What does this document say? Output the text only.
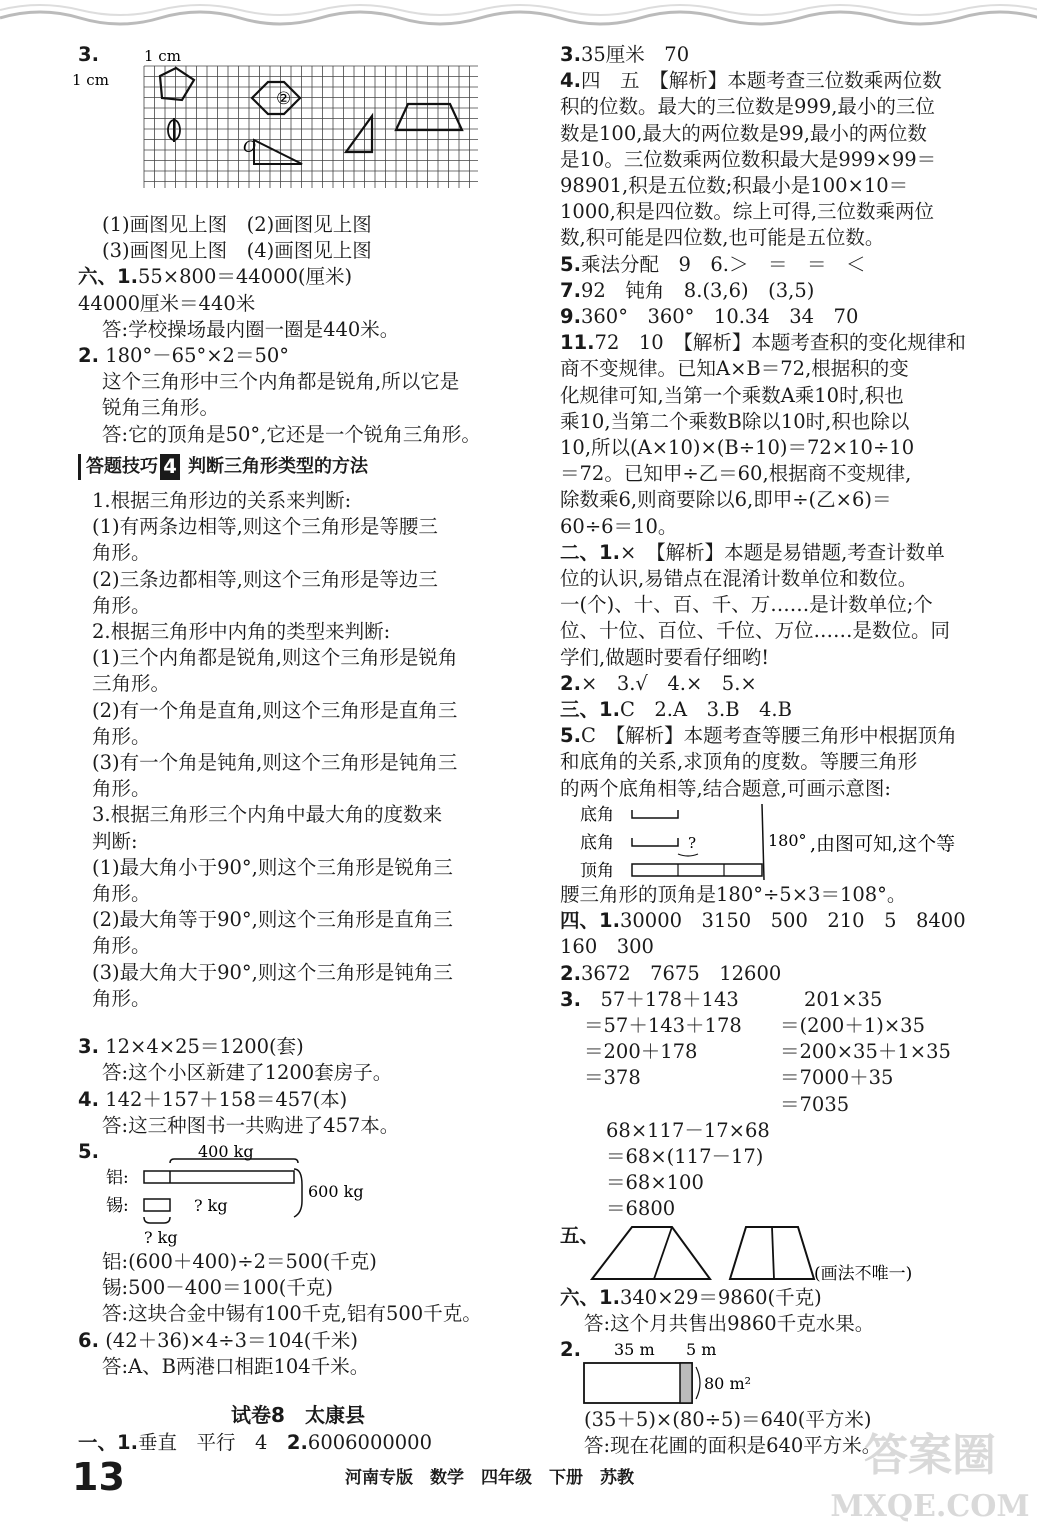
3.	1 cm
1 cm
②
O
(1)画图见上图　(2)画图见上图
(3)画图见上图　(4)画图见上图
六、1.55×800＝44000(厘米)
44000厘米＝440米
答:学校操场最内圈一圈是440米。
2. 180°－65°×2＝50°
这个三角形中三个内角都是锐角,所以它是
锐角三角形。
答:它的顶角是50°,它还是一个锐角三角形。
答题技巧 4 判断三角形类型的方法
1.根据三角形边的关系来判断:
(1)有两条边相等,则这个三角形是等腰三
角形。
(2)三条边都相等,则这个三角形是等边三
角形。
2.根据三角形中内角的类型来判断:
(1)三个内角都是锐角,则这个三角形是锐角
三角形。
(2)有一个角是直角,则这个三角形是直角三
角形。
(3)有一个角是钝角,则这个三角形是钝角三
角形。
3.根据三角形三个内角中最大角的度数来
判断:
(1)最大角小于90°,则这个三角形是锐角三
角形。
(2)最大角等于90°,则这个三角形是直角三
角形。
(3)最大角大于90°,则这个三角形是钝角三
角形。
3. 12×4×25＝1200(套)
答:这个小区新建了1200套房子。
4. 142＋157＋158＝457(本)
答:这三种图书一共购进了457本。
5.	400 kg
铝:
锡:	? kg
600 kg
? kg
铝:(600＋400)÷2＝500(千克)
锡:500－400＝100(千克)
答:这块合金中锡有100千克,铝有500千克。
6. (42＋36)×4÷3＝104(千米)
答:A、B两港口相距104千米。
试卷8　太康县
一、1.垂直　平行　4　 2.6006000000
3.35厘米　70
4.四　五　【解析】本题考查三位数乘两位数
积的位数。最大的三位数是999,最小的三位
数是100,最大的两位数是99,最小的两位数
是10。三位数乘两位数积最大是999×99＝
98901,积是五位数;积最小是100×10＝
1000,积是四位数。综上可得,三位数乘两位
数,积可能是四位数,也可能是五位数。
5.乘法分配　9　6.＞　＝　＝　＜
7.92　钝角　8.(3,6)　(3,5)
9.360°　360°　10.34　34　70
11.72　10　【解析】本题考查积的变化规律和
商不变规律。已知A×B＝72,根据积的变
化规律可知,当第一个乘数A乘10时,积也
乘10,当第二个乘数B除以10时,积也除以
10,所以(A×10)×(B÷10)＝72×10÷10
＝72。已知甲÷乙＝60,根据商不变规律,
除数乘6,则商要除以6,即甲÷(乙×6)＝
60÷6＝10。
二、1.×　【解析】本题是易错题,考查计数单
位的认识,易错点在混淆计数单位和数位。
一(个)、十、百、千、万……是计数单位;个
位、十位、百位、千位、万位……是数位。同
学们,做题时要看仔细哟!
2.×　3.√　4.×　5.×
三、1.C　2.A　3.B　4.B
5.C　【解析】本题考查等腰三角形中根据顶角
和底角的关系,求顶角的度数。等腰三角形
的两个底角相等,结合题意,可画示意图:
底角
底角	?
顶角
180° ,由图可知,这个等
腰三角形的顶角是180°÷5×3＝108°。
四、1.30000　3150　500　210　5　8400
160　300
2.3672　7675　12600
3.　 57＋178＋143
＝57＋143＋178
＝200＋178
＝378
201×35
＝(200＋1)×35
＝200×35＋1×35
＝7000＋35
＝7035
68×117－17×68
＝68×(117－17)
＝68×100
＝6800
五、
(画法不唯一)
六、1.340×29＝9860(千克)
答:这个月共售出9860千克水果。
2. 35 m 5 m
80 m²
(35＋5)×(80÷5)＝640(平方米)
答:现在花圃的面积是640平方米。
13	河南专版　数学　四年级　下册　苏教	答案圈
MXQE.COM
